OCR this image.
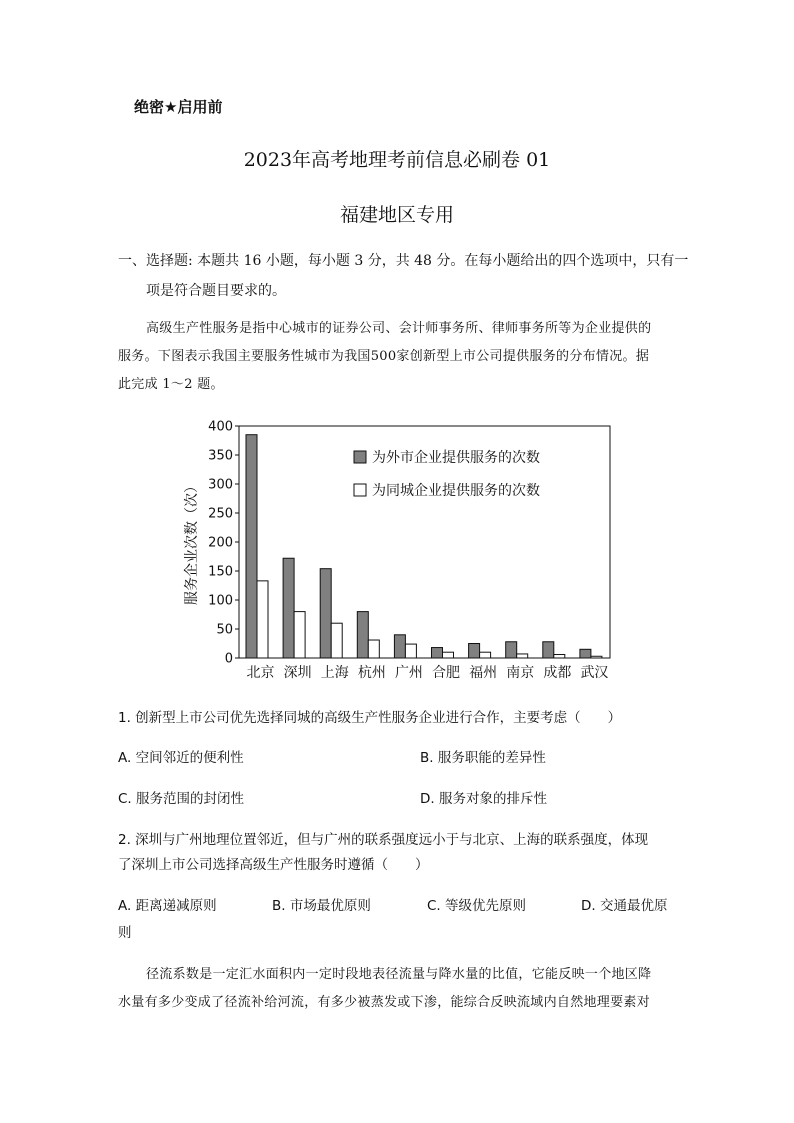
绝密★启用前
2023年高考地理考前信息必刷卷 01
福建地区专用
一、选择题: 本题共 16 小题，每小题 3 分，共 48 分。在每小题给出的四个选项中，只有一
项是符合题目要求的。
高级生产性服务是指中心城市的证券公司、会计师事务所、律师事务所等为企业提供的
服务。下图表示我国主要服务性城市为我国500家创新型上市公司提供服务的分布情况。据
此完成 1～2 题。
0
50
100
150
200
250
300
350
400
服务企业次数（次）
北京 深圳 上海 杭州 广州 合肥 福州 南京 成都 武汉
为外市企业提供服务的次数
为同城企业提供服务的次数
1. 创新型上市公司优先选择同城的高级生产性服务企业进行合作，主要考虑（　　）
A. 空间邻近的便利性	B. 服务职能的差异性
C. 服务范围的封闭性	D. 服务对象的排斥性
2. 深圳与广州地理位置邻近，但与广州的联系强度远小于与北京、上海的联系强度，体现
了深圳上市公司选择高级生产性服务时遵循（　　）
A. 距离递减原则	B. 市场最优原则	C. 等级优先原则	D. 交通最优原
则
径流系数是一定汇水面积内一定时段地表径流量与降水量的比值，它能反映一个地区降
水量有多少变成了径流补给河流，有多少被蒸发或下渗，能综合反映流域内自然地理要素对
